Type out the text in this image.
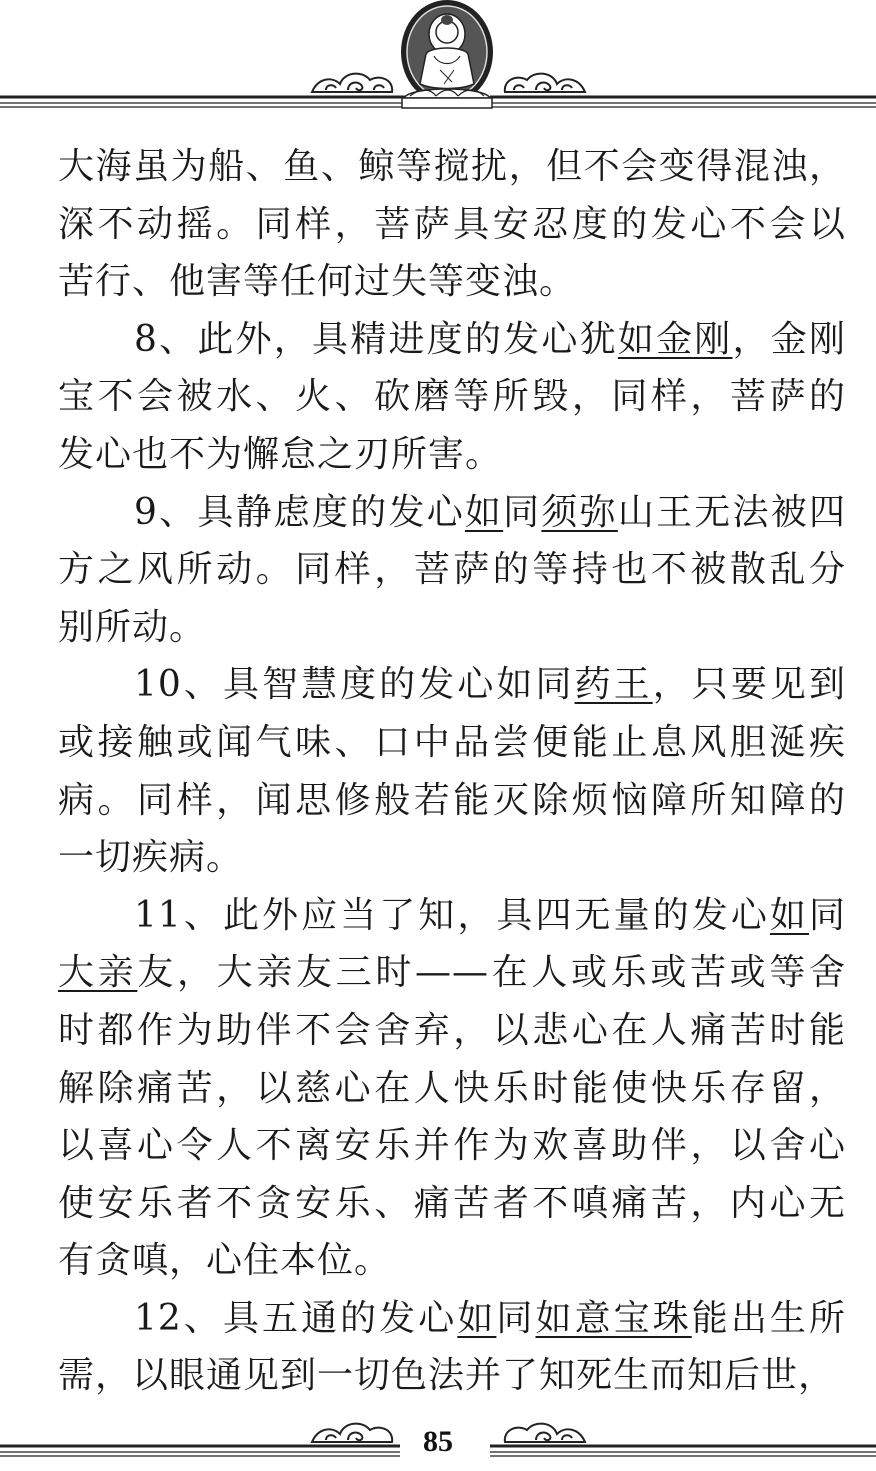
大海虽为船、鱼、鲸等搅扰，但不会变得混浊，
深不动摇。同样，菩萨具安忍度的发心不会以
苦行、他害等任何过失等变浊。
8、此外，具精进度的发心犹如金刚，金刚
宝不会被水、火、砍磨等所毁，同样，菩萨的
发心也不为懈怠之刃所害。
9、具静虑度的发心如同须弥山王无法被四
方之风所动。同样，菩萨的等持也不被散乱分
别所动。
10、具智慧度的发心如同药王，只要见到
或接触或闻气味、口中品尝便能止息风胆涎疾
病。同样，闻思修般若能灭除烦恼障所知障的
一切疾病。
11、此外应当了知，具四无量的发心如同
大亲友，大亲友三时——在人或乐或苦或等舍
时都作为助伴不会舍弃，以悲心在人痛苦时能
解除痛苦，以慈心在人快乐时能使快乐存留，
以喜心令人不离安乐并作为欢喜助伴，以舍心
使安乐者不贪安乐、痛苦者不嗔痛苦，内心无
有贪嗔，心住本位。
12、具五通的发心如同如意宝珠能出生所
需，以眼通见到一切色法并了知死生而知后世，
85
